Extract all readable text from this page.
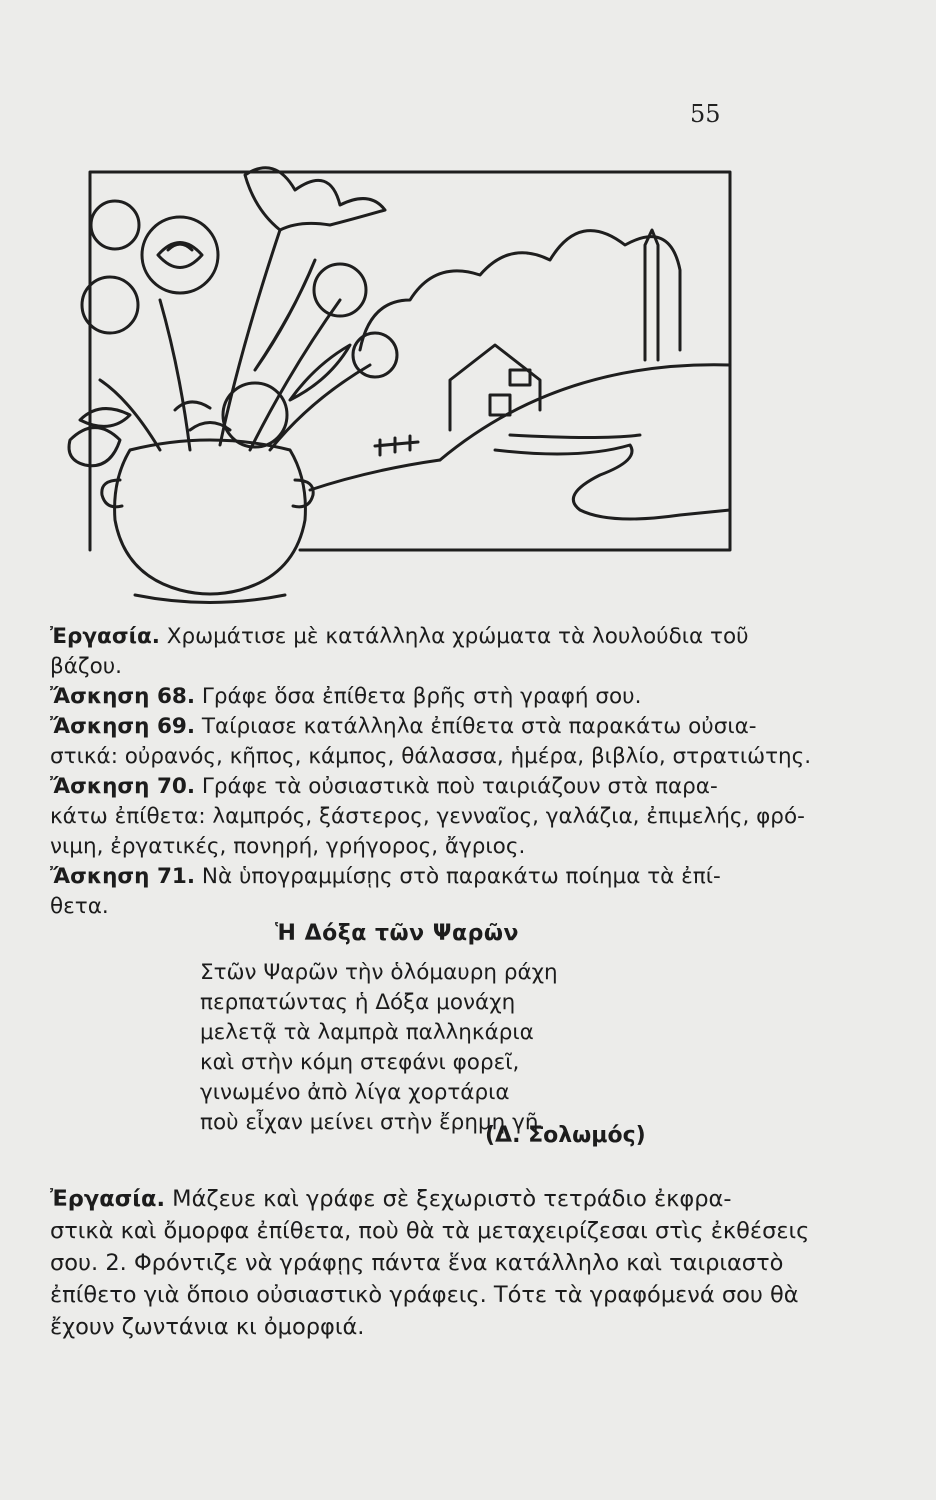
55
Ἐργασία. Χρωμάτισε μὲ κατάλληλα χρώματα τὰ λουλούδια τοῦ
βάζου.
Ἄσκηση 68. Γράφε ὅσα ἐπίθετα βρῆς στὴ γραφή σου.
Ἄσκηση 69. Ταίριασε κατάλληλα ἐπίθετα στὰ παρακάτω οὐσια-
στικά: οὐρανός, κῆπος, κάμπος, θάλασσα, ἡμέρα, βιβλίο, στρατιώτης.
Ἄσκηση 70. Γράφε τὰ οὐσιαστικὰ ποὺ ταιριάζουν στὰ παρα-
κάτω ἐπίθετα: λαμπρός, ξάστερος, γενναῖος, γαλάζια, ἐπιμελής, φρό-
νιμη, ἐργατικές, πονηρή, γρήγορος, ἄγριος.
Ἄσκηση 71. Νὰ ὑπογραμμίσῃς στὸ παρακάτω ποίημα τὰ ἐπί-
θετα.
Ἡ Δόξα τῶν Ψαρῶν
Στῶν Ψαρῶν τὴν ὁλόμαυρη ράχη
περπατώντας ἡ Δόξα μονάχη
μελετᾷ τὰ λαμπρὰ παλληκάρια
καὶ στὴν κόμη στεφάνι φορεῖ,
γινωμένο ἀπὸ λίγα χορτάρια
ποὺ εἶχαν μείνει στὴν ἔρημη γῆ.
(Δ. Σολωμός)
Ἐργασία. Μάζευε καὶ γράφε σὲ ξεχωριστὸ τετράδιο ἐκφρα-
στικὰ καὶ ὄμορφα ἐπίθετα, ποὺ θὰ τὰ μεταχειρίζεσαι στὶς ἐκθέσεις
σου. 2. Φρόντιζε νὰ γράφῃς πάντα ἕνα κατάλληλο καὶ ταιριαστὸ
ἐπίθετο γιὰ ὅποιο οὐσιαστικὸ γράφεις. Τότε τὰ γραφόμενά σου θὰ
ἔχουν ζωντάνια κι ὀμορφιά.
